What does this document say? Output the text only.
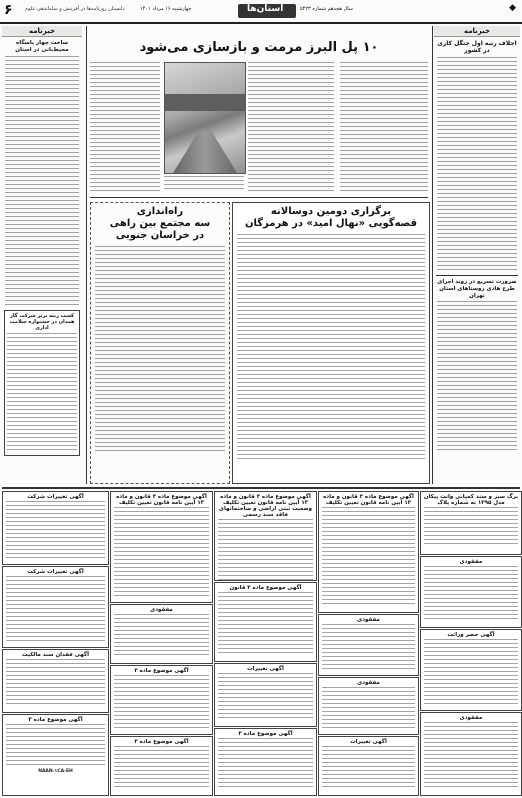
۶ دلبستان روزنامه‌ها در آفرینش و ساماندهی علوم	چهارشنبه ۱۶ مرداد ۱۴۰۱	استان‌ها	سال هجدهم شماره ۵۴۲۳	◆
خبرنامه
اجلاف رتبه اول جنگل کاری در کشور
ضرورت تسریع در روند اجرای طرح هادی روستاهای استان تهران
خبرنامه
ساخت چهار پاسگاه محیط‌بانی در استان
کسب رتبه برتر شرکت گاز همدان در جشنواره سلامت اداری
۱۰ پل البرز مرمت و بازسازی می‌شود
برگزاری دومین دوسالانه
قصه‌گویی «نهال امید» در هرمزگان
راه‌اندازی
سه مجتمع بین راهی
در خراسان جنوبی
برگ سبز و سند کمپانی وانت پیکان مدل ۱۳۹۵ به شماره پلاک
مفقودی
آگهی حصر وراثت
مفقودی
آگهی موضوع ماده ۳ قانون و ماده ۱۳ آیین نامه قانون تعیین تکلیف
مفقودی
مفقودی
آگهی تغییرات
آگهی موضوع ماده ۳ قانون و ماده ۱۳ آیین نامه قانون تعیین تکلیف وضعیت ثبتی اراضی و ساختمانهای فاقد سند رسمی
آگهی موضوع ماده ۳ قانون
آگهی تغییرات
آگهی موضوع ماده ۳
آگهی موضوع ماده ۳ قانون و ماده ۱۳ آیین نامه قانون تعیین تکلیف
مفقودی
آگهی موضوع ماده ۳
آگهی موضوع ماده ۳
آگهی تغییرات شرکت
آگهی تغییرات شرکت
آگهی فقدان سند مالکیت
آگهی موضوع ماده ۳
NAAN-۱CA-EH
